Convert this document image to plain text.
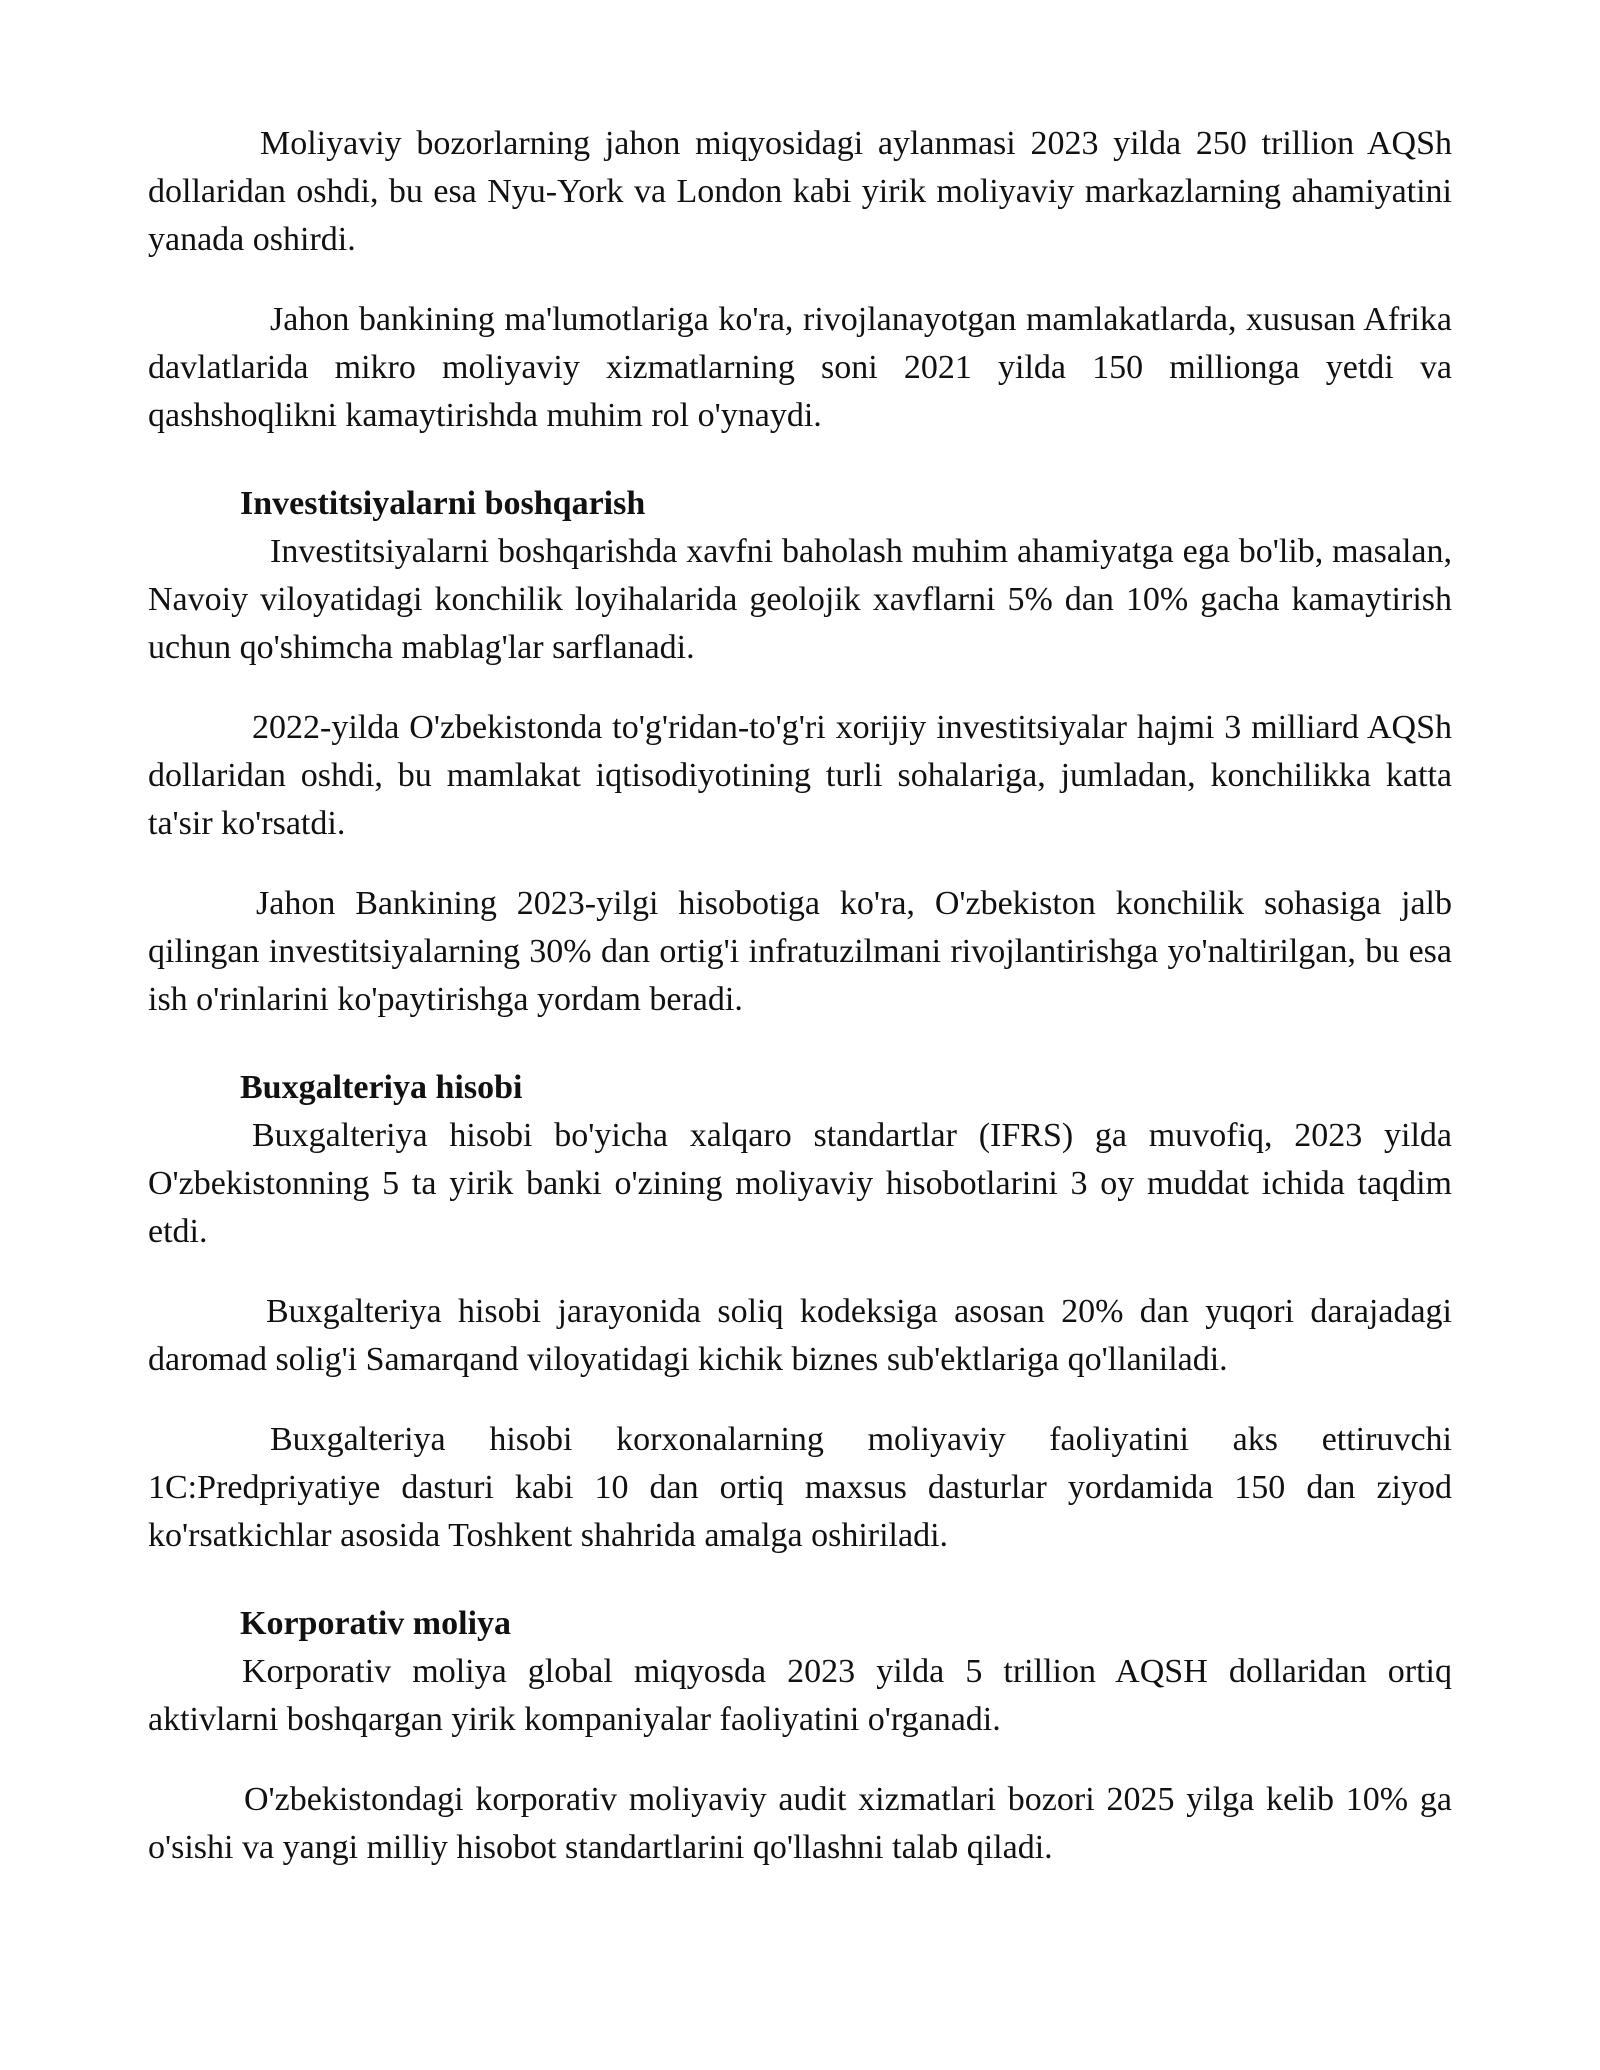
Moliyaviy bozorlarning jahon miqyosidagi aylanmasi 2023 yilda 250 trillion AQSh dollaridan oshdi, bu esa Nyu-York va London kabi yirik moliyaviy markazlarning ahamiyatini yanada oshirdi.

Jahon bankining ma'lumotlariga ko'ra, rivojlanayotgan mamlakatlarda, xususan Afrika davlatlarida mikro moliyaviy xizmatlarning soni 2021 yilda 150 millionga yetdi va qashshoqlikni kamaytirishda muhim rol o'ynaydi.

Investitsiyalarni boshqarish

Investitsiyalarni boshqarishda xavfni baholash muhim ahamiyatga ega bo'lib, masalan, Navoiy viloyatidagi konchilik loyihalarida geolojik xavflarni 5% dan 10% gacha kamaytirish uchun qo'shimcha mablag'lar sarflanadi.

2022-yilda O'zbekistonda to'g'ridan-to'g'ri xorijiy investitsiyalar hajmi 3 milliard AQSh dollaridan oshdi, bu mamlakat iqtisodiyotining turli sohalariga, jumladan, konchilikka katta ta'sir ko'rsatdi.

Jahon Bankining 2023-yilgi hisobotiga ko'ra, O'zbekiston konchilik sohasiga jalb qilingan investitsiyalarning 30% dan ortig'i infratuzilmani rivojlantirishga yo'naltirilgan, bu esa ish o'rinlarini ko'paytirishga yordam beradi.

Buxgalteriya hisobi

Buxgalteriya hisobi bo'yicha xalqaro standartlar (IFRS) ga muvofiq, 2023 yilda O'zbekistonning 5 ta yirik banki o'zining moliyaviy hisobotlarini 3 oy muddat ichida taqdim etdi.

Buxgalteriya hisobi jarayonida soliq kodeksiga asosan 20% dan yuqori darajadagi daromad solig'i Samarqand viloyatidagi kichik biznes sub'ektlariga qo'llaniladi.

Buxgalteriya hisobi korxonalarning moliyaviy faoliyatini aks ettiruvchi 1C:Predpriyatiye dasturi kabi 10 dan ortiq maxsus dasturlar yordamida 150 dan ziyod ko'rsatkichlar asosida Toshkent shahrida amalga oshiriladi.

Korporativ moliya

Korporativ moliya global miqyosda 2023 yilda 5 trillion AQSH dollaridan ortiq aktivlarni boshqargan yirik kompaniyalar faoliyatini o'rganadi.

O'zbekistondagi korporativ moliyaviy audit xizmatlari bozori 2025 yilga kelib 10% ga o'sishi va yangi milliy hisobot standartlarini qo'llashni talab qiladi.
